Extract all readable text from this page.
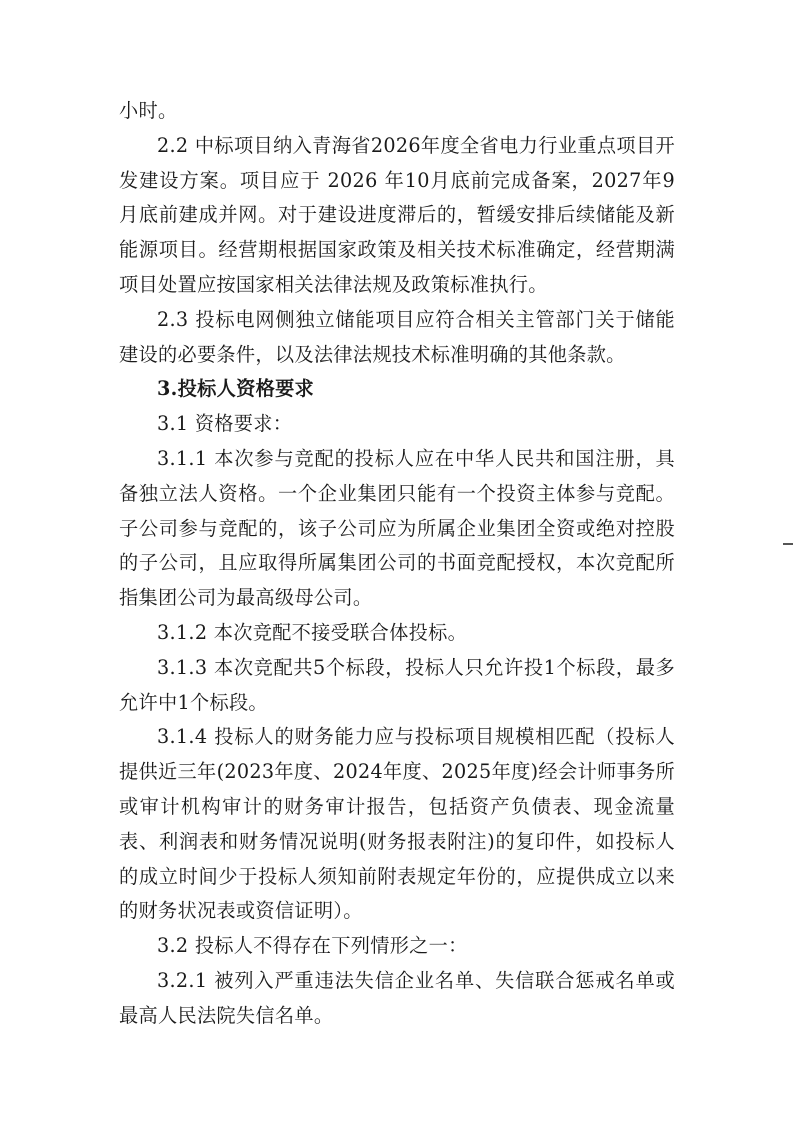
小时。

2.2 中标项目纳入青海省2026年度全省电力行业重点项目开发建设方案。项目应于 2026 年10月底前完成备案，2027年9月底前建成并网。对于建设进度滞后的，暂缓安排后续储能及新能源项目。经营期根据国家政策及相关技术标准确定，经营期满项目处置应按国家相关法律法规及政策标准执行。

2.3 投标电网侧独立储能项目应符合相关主管部门关于储能建设的必要条件，以及法律法规技术标准明确的其他条款。

3.投标人资格要求

3.1 资格要求：

3.1.1 本次参与竞配的投标人应在中华人民共和国注册，具备独立法人资格。一个企业集团只能有一个投资主体参与竞配。子公司参与竞配的，该子公司应为所属企业集团全资或绝对控股的子公司，且应取得所属集团公司的书面竞配授权，本次竞配所指集团公司为最高级母公司。

3.1.2 本次竞配不接受联合体投标。

3.1.3 本次竞配共5个标段，投标人只允许投1个标段，最多允许中1个标段。

3.1.4 投标人的财务能力应与投标项目规模相匹配（投标人提供近三年(2023年度、2024年度、2025年度)经会计师事务所或审计机构审计的财务审计报告，包括资产负债表、现金流量表、利润表和财务情况说明(财务报表附注)的复印件，如投标人的成立时间少于投标人须知前附表规定年份的，应提供成立以来的财务状况表或资信证明）。

3.2 投标人不得存在下列情形之一：

3.2.1 被列入严重违法失信企业名单、失信联合惩戒名单或最高人民法院失信名单。
